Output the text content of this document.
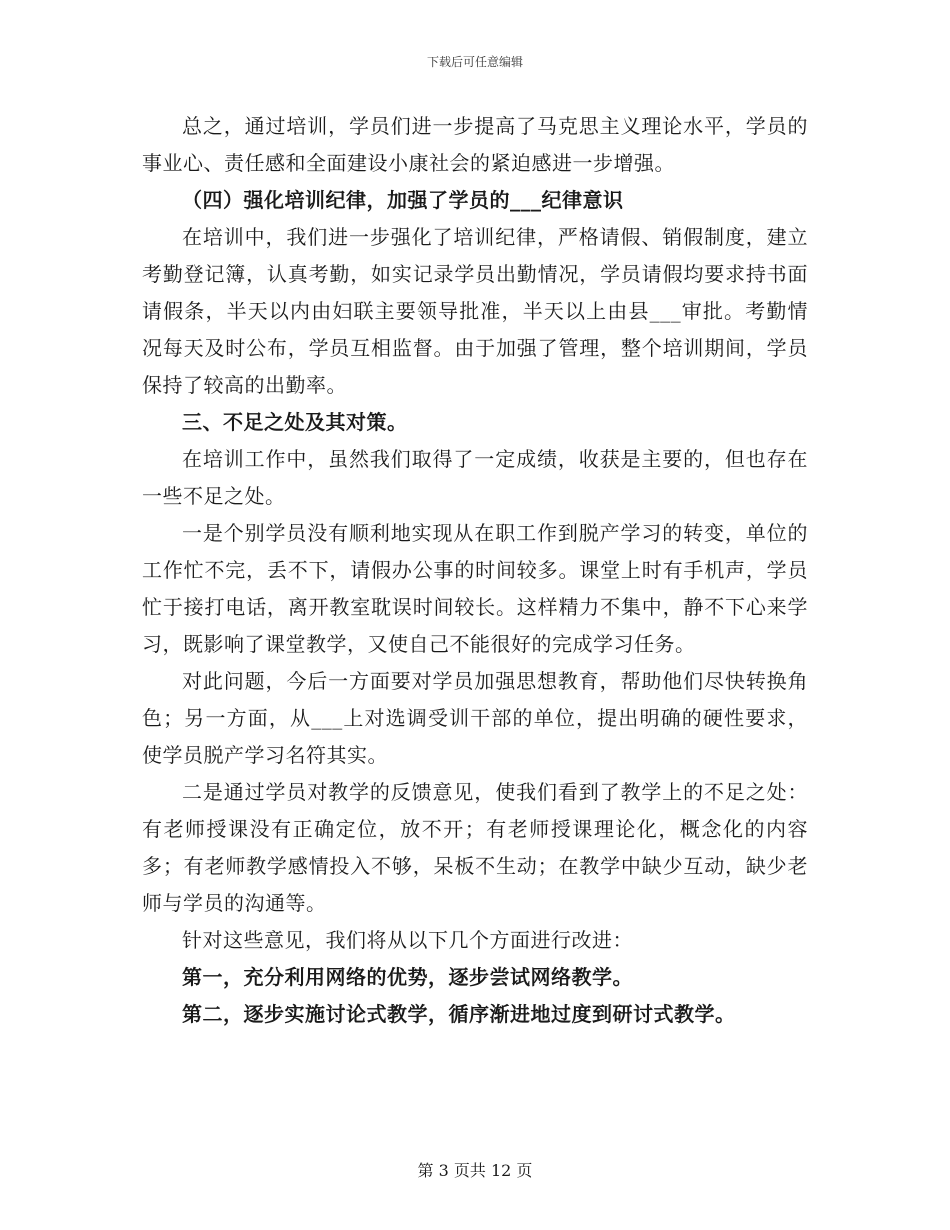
下载后可任意编辑

总之，通过培训，学员们进一步提高了马克思主义理论水平，学员的事业心、责任感和全面建设小康社会的紧迫感进一步增强。

（四）强化培训纪律，加强了学员的___纪律意识

在培训中，我们进一步强化了培训纪律，严格请假、销假制度，建立考勤登记簿，认真考勤，如实记录学员出勤情况，学员请假均要求持书面请假条，半天以内由妇联主要领导批准，半天以上由县___审批。考勤情况每天及时公布，学员互相监督。由于加强了管理，整个培训期间，学员保持了较高的出勤率。

三、不足之处及其对策。

在培训工作中，虽然我们取得了一定成绩，收获是主要的，但也存在一些不足之处。

一是个别学员没有顺利地实现从在职工作到脱产学习的转变，单位的工作忙不完，丢不下，请假办公事的时间较多。课堂上时有手机声，学员忙于接打电话，离开教室耽误时间较长。这样精力不集中，静不下心来学习，既影响了课堂教学，又使自己不能很好的完成学习任务。

对此问题，今后一方面要对学员加强思想教育，帮助他们尽快转换角色；另一方面，从___上对选调受训干部的单位，提出明确的硬性要求，使学员脱产学习名符其实。

二是通过学员对教学的反馈意见，使我们看到了教学上的不足之处：有老师授课没有正确定位，放不开；有老师授课理论化，概念化的内容多；有老师教学感情投入不够，呆板不生动；在教学中缺少互动，缺少老师与学员的沟通等。

针对这些意见，我们将从以下几个方面进行改进：

第一，充分利用网络的优势，逐步尝试网络教学。

第二，逐步实施讨论式教学，循序渐进地过度到研讨式教学。

第 3 页共 12 页
